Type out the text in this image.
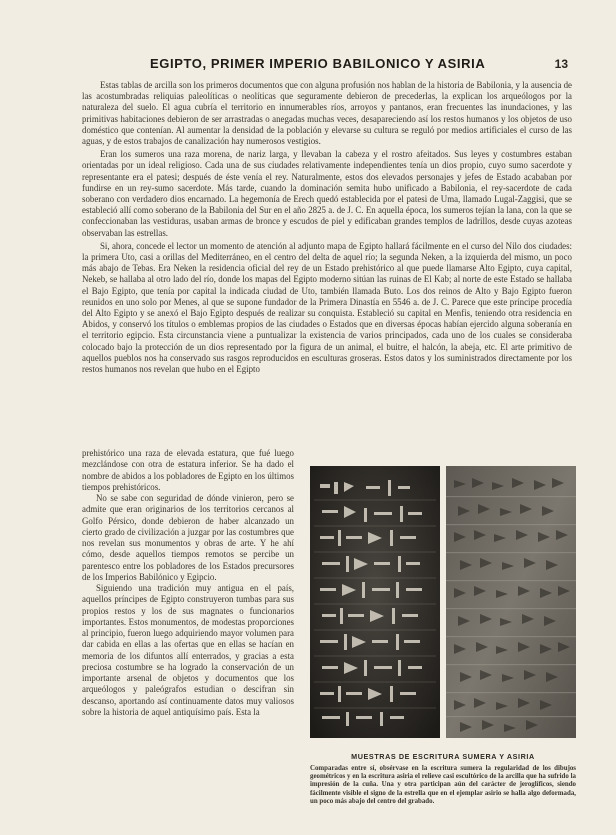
EGIPTO, PRIMER IMPERIO BABILONICO Y ASIRIA	13

Estas tablas de arcilla son los primeros documentos que con alguna profusión nos hablan de la historia de Babilonia, y la ausencia de las acostumbradas reliquias paleolíticas o neolíticas que seguramente debieron de precederlas, la explican los arqueólogos por la naturaleza del suelo. El agua cubría el territorio en innumerables ríos, arroyos y pantanos, eran frecuentes las inundaciones, y las primitivas habitaciones debieron de ser arrastradas o anegadas muchas veces, desapareciendo así los restos humanos y los objetos de uso doméstico que contenían. Al aumentar la densidad de la población y elevarse su cultura se reguló por medios artificiales el curso de las aguas, y de estos trabajos de canalización hay numerosos vestigios.

Eran los sumeros una raza morena, de nariz larga, y llevaban la cabeza y el rostro afeitados. Sus leyes y costumbres estaban orientadas por un ideal religioso. Cada una de sus ciudades relativamente independientes tenía un dios propio, cuyo sumo sacerdote y representante era el patesi; después de éste venía el rey. Naturalmente, estos dos elevados personajes y jefes de Estado acababan por fundirse en un rey-sumo sacerdote. Más tarde, cuando la dominación semita hubo unificado a Babilonia, el rey-sacerdote de cada soberano con verdadero dios encarnado. La hegemonía de Erech quedó establecida por el patesi de Uma, llamado Lugal-Zaggisi, que se estableció allí como soberano de la Babilonia del Sur en el año 2825 a. de J. C. En aquella época, los sumeros tejían la lana, con la que se confeccionaban las vestiduras, usaban armas de bronce y escudos de piel y edificaban grandes templos de ladrillos, desde cuyas azoteas observaban las estrellas.

Si, ahora, concede el lector un momento de atención al adjunto mapa de Egipto hallará fácilmente en el curso del Nilo dos ciudades: la primera Uto, casi a orillas del Mediterráneo, en el centro del delta de aquel río; la segunda Neken, a la izquierda del mismo, un poco más abajo de Tebas. Era Neken la residencia oficial del rey de un Estado prehistórico al que puede llamarse Alto Egipto, cuya capital, Nekeb, se hallaba al otro lado del río, donde los mapas del Egipto moderno sitúan las ruinas de El Kab; al norte de este Estado se hallaba el Bajo Egipto, que tenía por capital la indicada ciudad de Uto, también llamada Buto. Los dos reinos de Alto y Bajo Egipto fueron reunidos en uno solo por Menes, al que se supone fundador de la Primera Dinastía en 5546 a. de J. C. Parece que este príncipe procedía del Alto Egipto y se anexó el Bajo Egipto después de realizar su conquista. Estableció su capital en Menfis, teniendo otra residencia en Abidos, y conservó los títulos o emblemas propios de las ciudades o Estados que en diversas épocas habían ejercido alguna soberanía en el territorio egipcio. Esta circunstancia viene a puntualizar la existencia de varios principados, cada uno de los cuales se consideraba colocado bajo la protección de un dios representado por la figura de un animal, el buitre, el halcón, la abeja, etc. El arte primitivo de aquellos pueblos nos ha conservado sus rasgos reproducidos en esculturas groseras. Estos datos y los suministrados directamente por los restos humanos nos revelan que hubo en el Egipto

prehistórico una raza de elevada estatura, que fué luego mezclándose con otra de estatura inferior. Se ha dado el nombre de abidos a los pobladores de Egipto en los últimos tiempos prehistóricos.

No se sabe con seguridad de dónde vinieron, pero se admite que eran originarios de los territorios cercanos al Golfo Pérsico, donde debieron de haber alcanzado un cierto grado de civilización a juzgar por las costumbres que nos revelan sus monumentos y obras de arte. Y he ahí cómo, desde aquellos tiempos remotos se percibe un parentesco entre los pobladores de los Estados precursores de los Imperios Babilónico y Egipcio.

Siguiendo una tradición muy antigua en el país, aquellos príncipes de Egipto construyeron tumbas para sus propios restos y los de sus magnates o funcionarios importantes. Estos monumentos, de modestas proporciones al principio, fueron luego adquiriendo mayor volumen para dar cabida en ellas a las ofertas que en ellas se hacían en memoria de los difuntos allí enterrados, y gracias a esta preciosa costumbre se ha logrado la conservación de un importante arsenal de objetos y documentos que los arqueólogos y paleógrafos estudian o descifran sin descanso, aportando así continuamente datos muy valiosos sobre la historia de aquel antiquísimo país. Esta la

MUESTRAS DE ESCRITURA SUMERA Y ASIRIA
Comparadas entre sí, obsérvase en la escritura sumera la regularidad de los dibujos geométricos y en la escritura asiria el relieve casi escultórico de la arcilla que ha sufrido la impresión de la cuña. Una y otra participan aún del carácter de jeroglíficos, siendo fácilmente visible el signo de la estrella que en el ejemplar asirio se halla algo deformada, un poco más abajo del centro del grabado.
